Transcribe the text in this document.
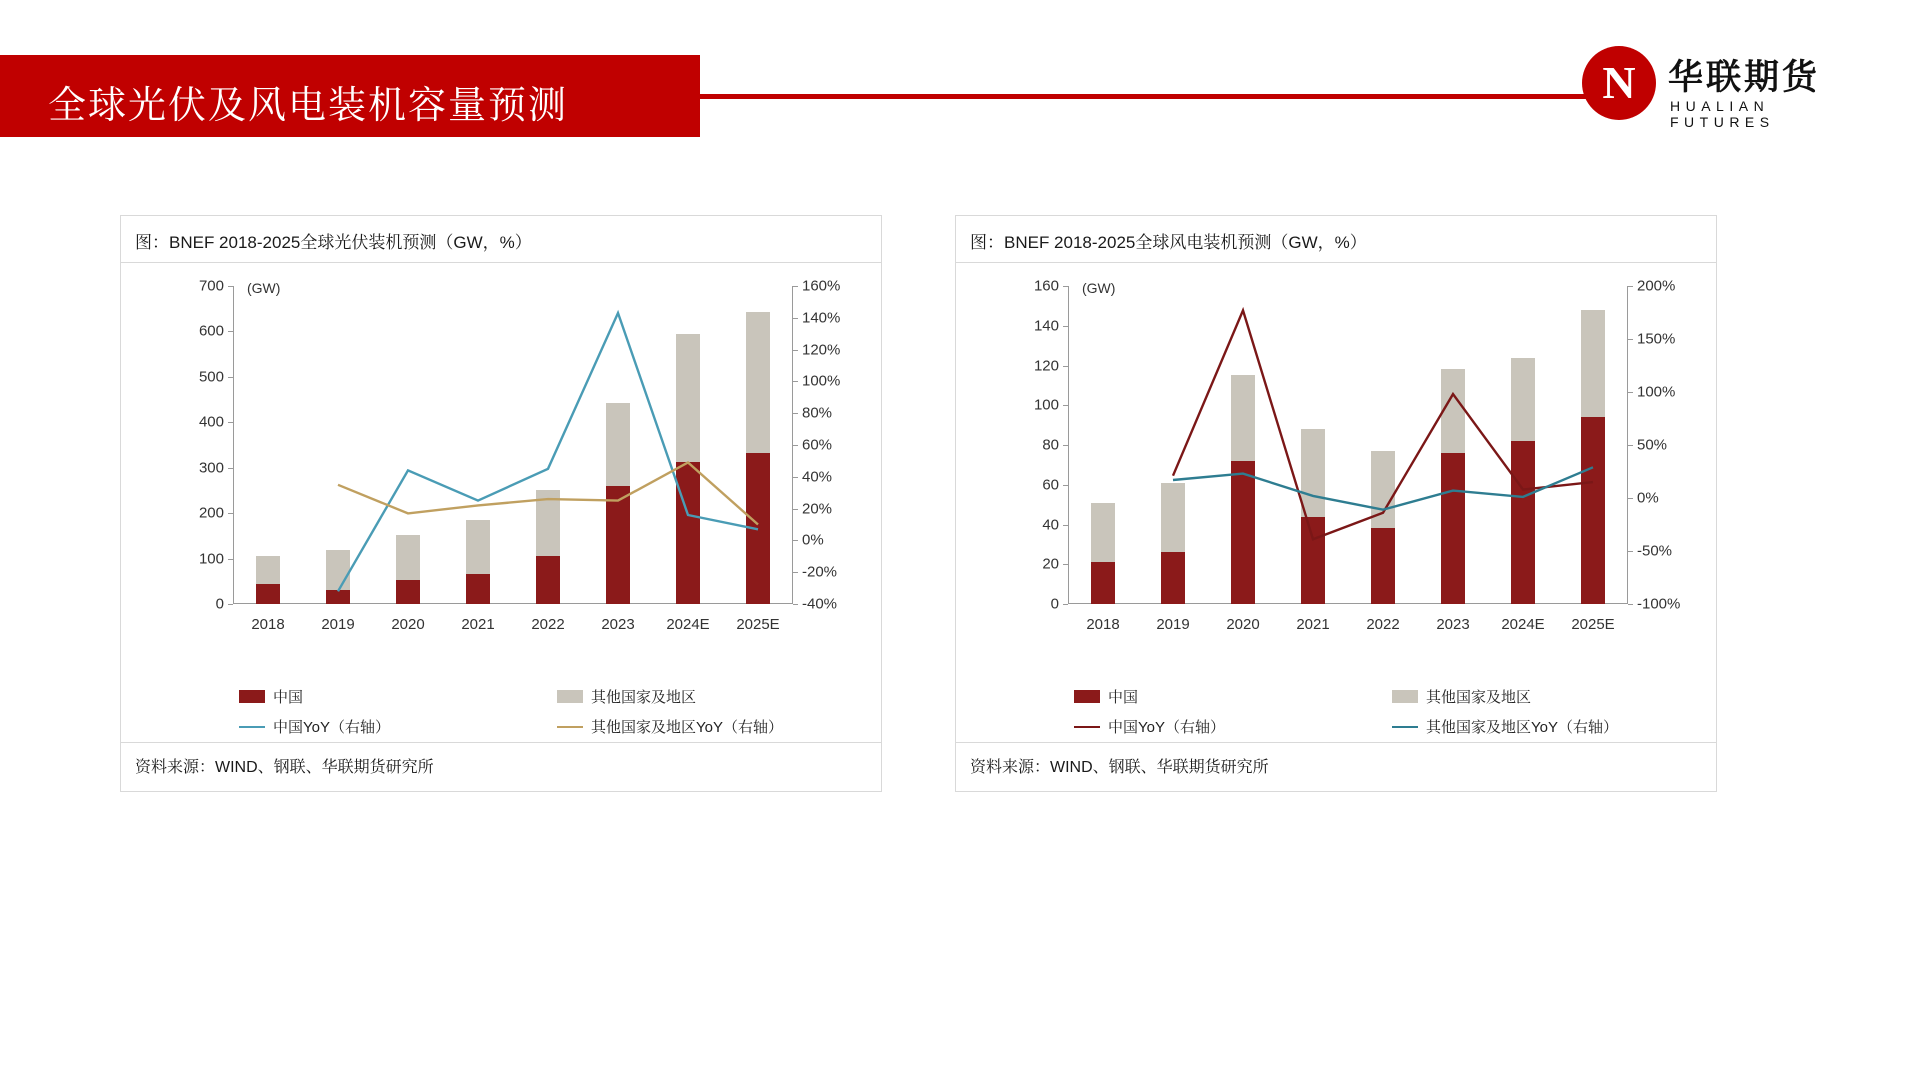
全球光伏及风电装机容量预测	N 华联期货
HUALIAN FUTURES
图：BNEF 2018-2025全球光伏装机预测（GW，%）
(GW)
0
100
200
300
400
500
600
700
-40%
-20%
0%
20%
40%
60%
80%
100%
120%
140%
160%
2018 2019 2020 2021 2022 2023 2024E 2025E
中国	其他国家及地区
中国YoY（右轴）	其他国家及地区YoY（右轴）
资料来源：WIND、钢联、华联期货研究所
图：BNEF 2018-2025全球风电装机预测（GW，%）
(GW)
0
20
40
60
80
100
120
140
160
-100%
-50%
0%
50%
100%
150%
200%
2018 2019 2020 2021 2022 2023 2024E 2025E
中国	其他国家及地区
中国YoY（右轴）	其他国家及地区YoY（右轴）
资料来源：WIND、钢联、华联期货研究所
